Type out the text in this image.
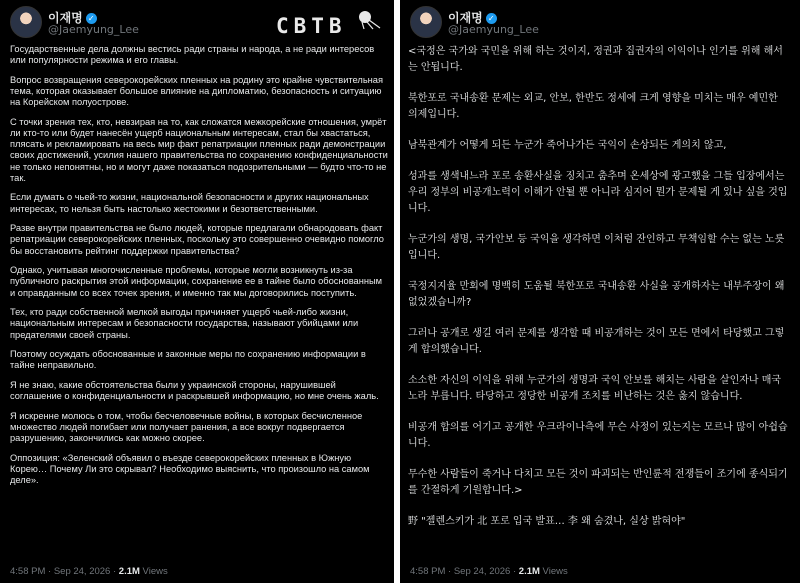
이재명 ✓
@Jaemyung_Lee	СВТВ

Государственные дела должны вестись ради страны и народа, а не ради интересов или популярности режима и его главы.

Вопрос возвращения северокорейских пленных на родину это крайне чувствительная тема, которая оказывает большое влияние на дипломатию, безопасность и ситуацию на Корейском полуострове.

С точки зрения тех, кто, невзирая на то, как сложатся межкорейские отношения, умрёт ли кто-то или будет нанесён ущерб национальным интересам, стал бы хвастаться, плясать и рекламировать на весь мир факт репатриации пленных ради демонстрации своих достижений, усилия нашего правительства по сохранению конфиденциальности не только непонятны, но и могут даже показаться подозрительными — будто что-то не так.

Если думать о чьей-то жизни, национальной безопасности и других национальных интересах, то нельзя быть настолько жестокими и безответственными.

Разве внутри правительства не было людей, которые предлагали обнародовать факт репатриации северокорейских пленных, поскольку это совершенно очевидно помогло бы восстановить рейтинг поддержки правительства?

Однако, учитывая многочисленные проблемы, которые могли возникнуть из-за публичного раскрытия этой информации, сохранение ее в тайне было обоснованным и оправданным со всех точек зрения, и именно так мы договорились поступить.

Тех, кто ради собственной мелкой выгоды причиняет ущерб чьей-либо жизни, национальным интересам и безопасности государства, называют убийцами или предателями своей страны.

Поэтому осуждать обоснованные и законные меры по сохранению информации в тайне неправильно.

Я не знаю, какие обстоятельства были у украинской стороны, нарушившей соглашение о конфиденциальности и раскрывшей информацию, но мне очень жаль.

Я искренне молюсь о том, чтобы бесчеловечные войны, в которых бесчисленное множество людей погибает или получает ранения, а все вокруг подвергается разрушению, закончились как можно скорее.

Оппозиция: «Зеленский объявил о въезде северокорейских пленных в Южную Корею… Почему Ли это скрывал? Необходимо выяснить, что произошло на самом деле».

4:58 PM · Sep 24, 2026 · 2.1M Views
이재명 ✓
@Jaemyung_Lee
4:58 PM · Sep 24, 2026 · 2.1M Views

<국정은 국가와 국민을 위해 하는 것이지, 정권과 집권자의 이익이나 인기를 위해 해서는 안됩니다.

북한포로 국내송환 문제는 외교, 안보, 한반도 정세에 크게 영향을 미치는 매우 예민한 의제입니다.

남북관계가 어떻게 되든 누군가 죽어나가든 국익이 손상되든 게의치 않고,

성과를 생색내느라 포로 송환사실을 징치고 춤추며 온세상에 광고했을 그들 입장에서는 우리 정부의 비공개노력이 이해가 안될 뿐 아니라 심지어 뭔가 문제될 게 있나 싶을 것입니다.

누군가의 생명, 국가안보 등 국익을 생각하면 이처럼 잔인하고 무책임할 수는 없는 노릇입니다.

국정지지율 만회에 명백히 도움될 북한포로 국내송환 사실을 공개하자는 내부주장이 왜 없었겠습니까?

그러나 공개로 생길 여러 문제를 생각할 때 비공개하는 것이 모든 면에서 타당했고 그렇게 합의했습니다.

소소한 자신의 이익을 위해 누군가의 생명과 국익 안보를 해치는 사람을 살인자나 매국노라 부릅니다. 타당하고 정당한 비공개 조치를 비난하는 것은 옳지 않습니다.

비공개 합의를 어기고 공개한 우크라이나측에 무슨 사정이 있는지는 모르나 많이 아쉽습니다.

무수한 사람들이 죽거나 다치고 모든 것이 파괴되는 반인륜적 전쟁들이 조기에 종식되기를 간절하게 기원합니다.>

野 "젤렌스키가 北 포로 입국 발표… 李 왜 숨겼나, 실상 밝혀야"
